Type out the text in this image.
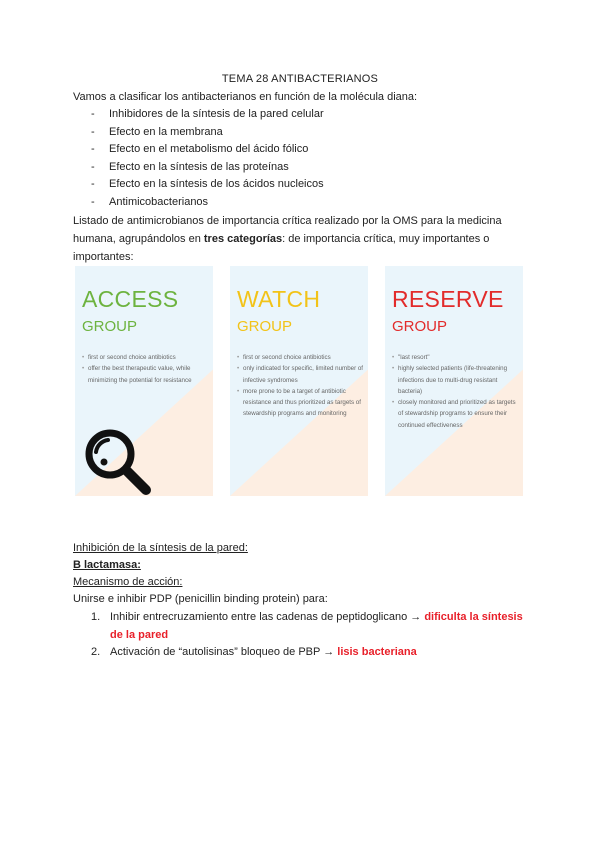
TEMA 28 ANTIBACTERIANOS
Vamos a clasificar los antibacterianos en función de la molécula diana:
- Inhibidores de la síntesis de la pared celular
- Efecto en la membrana
- Efecto en el metabolismo del ácido fólico
- Efecto en la síntesis de las proteínas
- Efecto en la síntesis de los ácidos nucleicos
- Antimicobacterianos
Listado de antimicrobianos de importancia crítica realizado por la OMS para la medicina humana, agrupándolos en tres categorías: de importancia crítica, muy importantes o importantes:
ACCESS
GROUP
• first or second choice antibiotics
• offer the best therapeutic value, while minimizing the potential for resistance
WATCH
GROUP
• first or second choice antibiotics
• only indicated for specific, limited number of infective syndromes
• more prone to be a target of antibiotic resistance and thus prioritized as targets of stewardship programs and monitoring
RESERVE
GROUP
• "last resort"
• highly selected patients (life-threatening infections due to multi-drug resistant bacteria)
• closely monitored and prioritized as targets of stewardship programs to ensure their continued effectiveness
Inhibición de la síntesis de la pared:
B lactamasa:
Mecanismo de acción:
Unirse e inhibir PDP (penicillin binding protein) para:
1. Inhibir entrecruzamiento entre las cadenas de peptidoglicano → dificulta la síntesis de la pared
2. Activación de “autolisinas” bloqueo de PBP → lisis bacteriana
